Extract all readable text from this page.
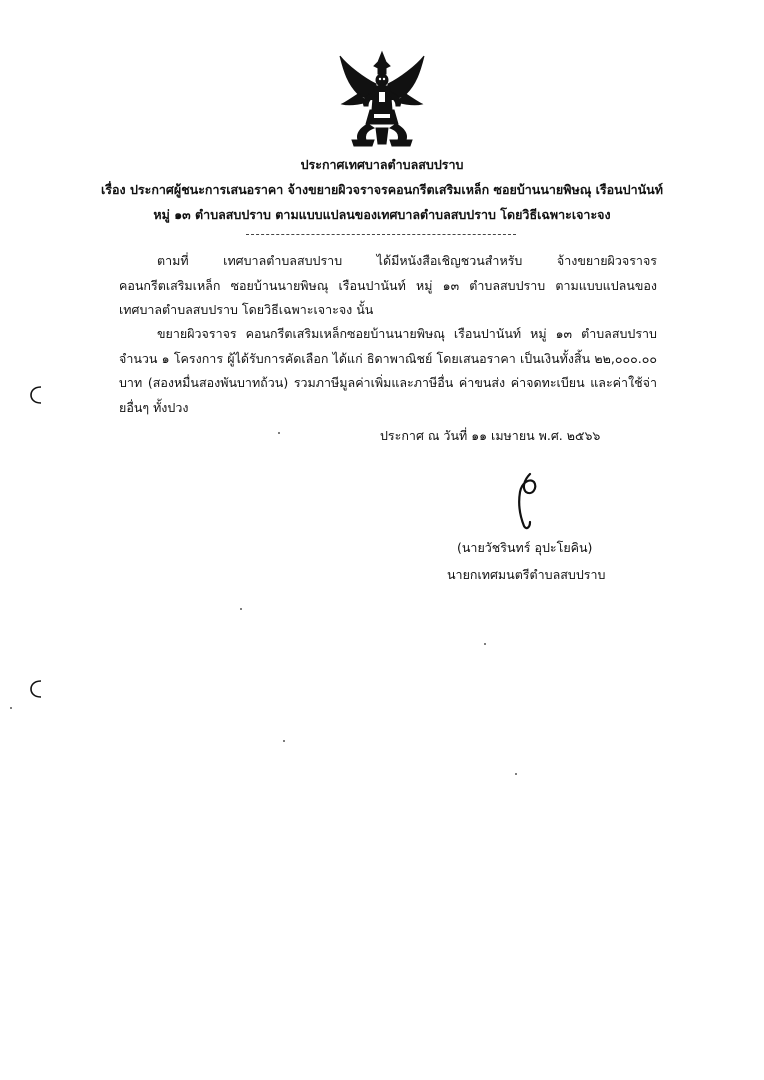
ประกาศเทศบาลตำบลสบปราบ
เรื่อง ประกาศผู้ชนะการเสนอราคา จ้างขยายผิวจราจรคอนกรีตเสริมเหล็ก ซอยบ้านนายพิษณุ เรือนปานันท์
หมู่ ๑๓ ตำบลสบปราบ ตามแบบแปลนของเทศบาลตำบลสบปราบ โดยวิธีเฉพาะเจาะจง
ตามที่ เทศบาลตำบลสบปราบ ได้มีหนังสือเชิญชวนสำหรับ จ้างขยายผิวจราจรคอนกรีตเสริมเหล็ก ซอยบ้านนายพิษณุ เรือนปานันท์ หมู่ ๑๓ ตำบลสบปราบ ตามแบบแปลนของเทศบาลตำบลสบปราบ โดยวิธีเฉพาะเจาะจง นั้น
ขยายผิวจราจร คอนกรีตเสริมเหล็กซอยบ้านนายพิษณุ เรือนปานันท์ หมู่ ๑๓ ตำบลสบปราบ จำนวน ๑ โครงการ ผู้ได้รับการคัดเลือก ได้แก่ ธิดาพาณิชย์ โดยเสนอราคา เป็นเงินทั้งสิ้น ๒๒,๐๐๐.๐๐ บาท (สองหมื่นสองพันบาทถ้วน) รวมภาษีมูลค่าเพิ่มและภาษีอื่น ค่าขนส่ง ค่าจดทะเบียน และค่าใช้จ่ายอื่นๆ ทั้งปวง
ประกาศ ณ วันที่ ๑๑ เมษายน พ.ศ. ๒๕๖๖
(นายวัชรินทร์ อุปะโยคิน)
นายกเทศมนตรีตำบลสบปราบ
